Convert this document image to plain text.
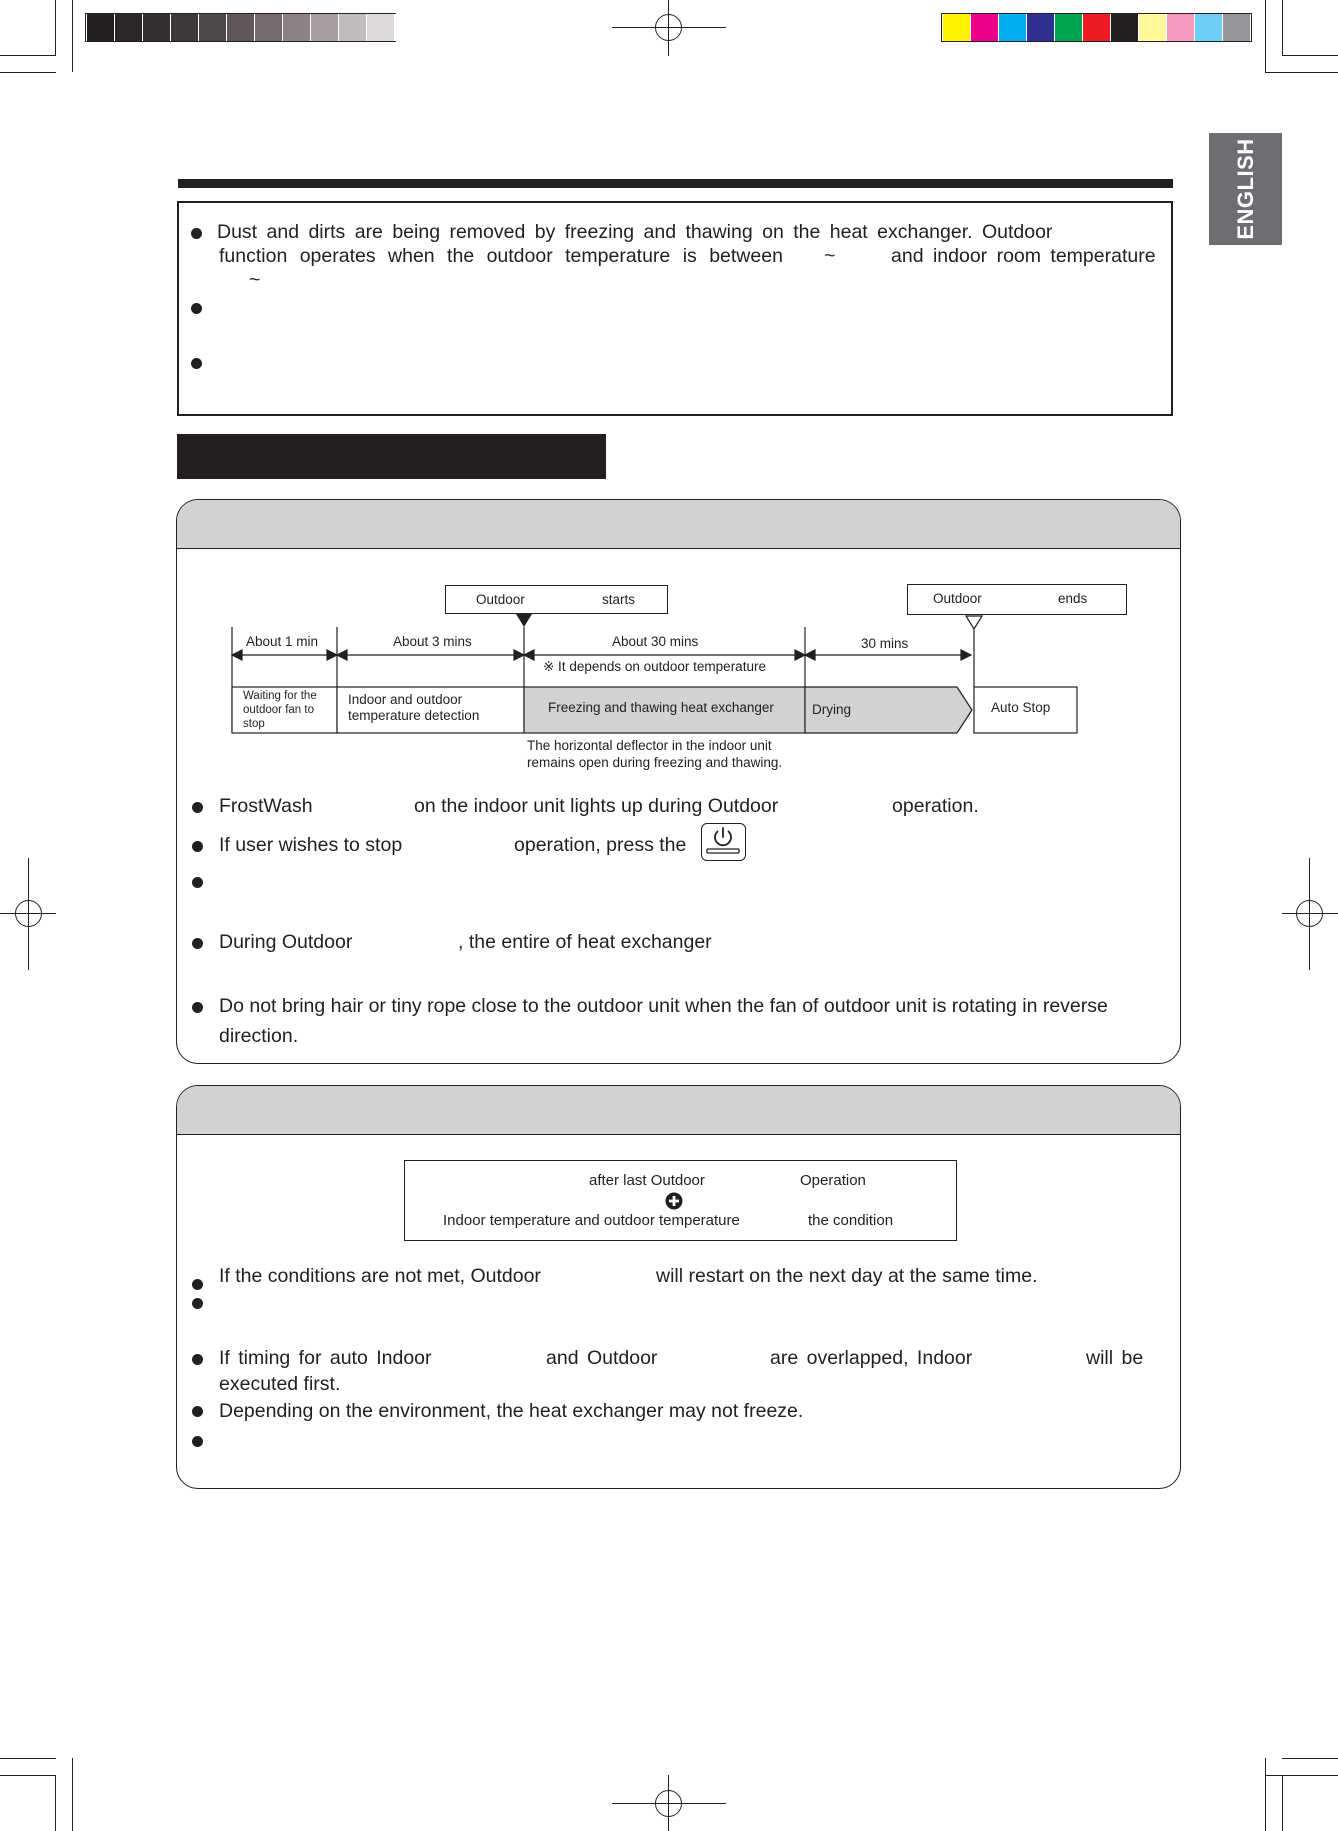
ENGLISH
Dust and dirts are being removed by freezing and thawing on the heat exchanger. Outdoor
function operates when the outdoor temperature is between ~	and indoor room temperature
~
Outdoor	starts	Outdoor	ends
About 1 min	About 3 mins	About 30 mins
※ It depends on outdoor temperature
30 mins
Waiting for the
outdoor fan to
stop
Indoor and outdoor
temperature detection
Freezing and thawing heat exchanger	Drying	Auto Stop
The horizontal deflector in the indoor unit
remains open during freezing and thawing.
FrostWash	on the indoor unit lights up during Outdoor	operation.
If user wishes to stop	operation, press the
During Outdoor	, the entire of heat exchanger
Do not bring hair or tiny rope close to the outdoor unit when the fan of outdoor unit is rotating in reverse
direction.
after last Outdoor	Operation
Indoor temperature and outdoor temperature	the condition
If the conditions are not met, Outdoor	will restart on the next day at the same time.
If timing for auto Indoor	and Outdoor	are overlapped, Indoor	will be
executed first.
Depending on the environment, the heat exchanger may not freeze.
